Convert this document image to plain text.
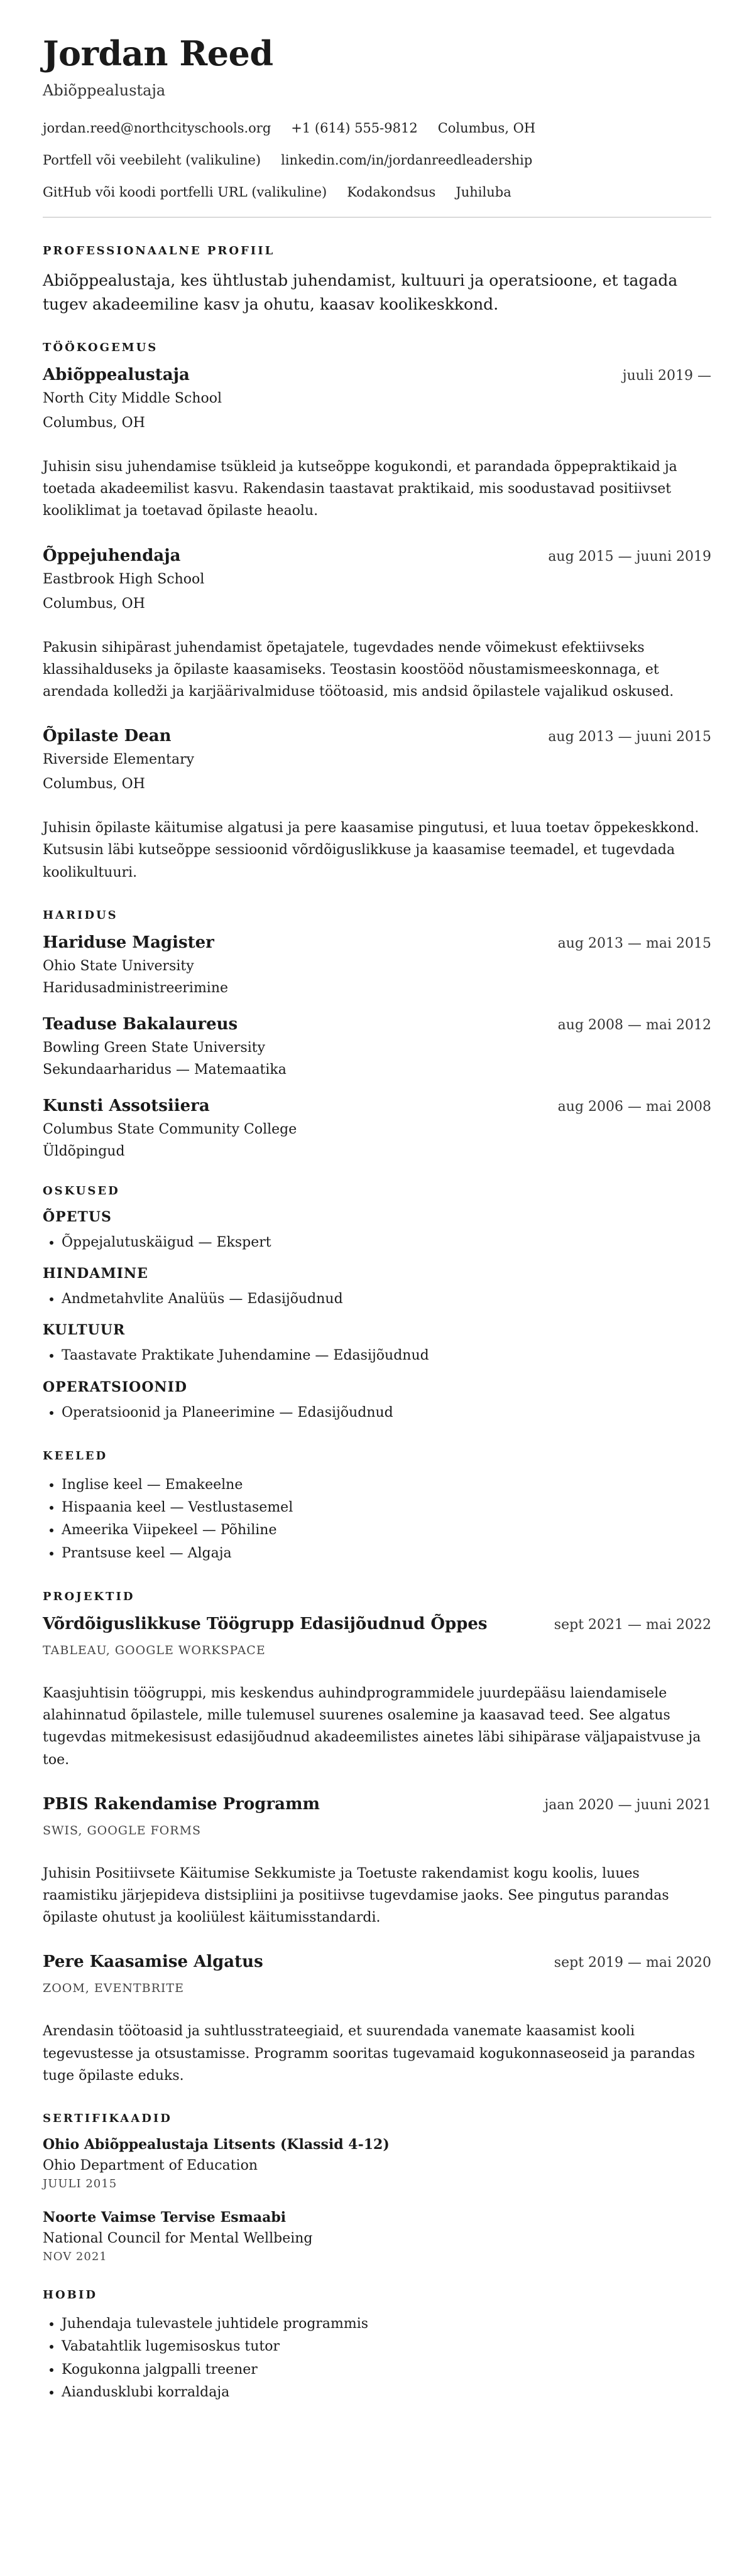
Jordan Reed
Abiõppealustaja
jordan.reed@northcityschools.org +1 (614) 555-9812 Columbus, OH
Portfell või veebileht (valikuline) linkedin.com/in/jordanreedleadership
GitHub või koodi portfelli URL (valikuline) Kodakondsus Juhiluba
PROFESSIONAALNE PROFIIL

Abiõppealustaja, kes ühtlustab juhendamist, kultuuri ja operatsioone, et tagada tugev akadeemiline kasv ja ohutu, kaasav koolikeskkond.

TÖÖKOGEMUS
Abiõppealustaja	juuli 2019 —
North City Middle School
Columbus, OH
Juhisin sisu juhendamise tsükleid ja kutseõppe kogukondi, et parandada õppepraktikaid ja toetada akadeemilist kasvu. Rakendasin taastavat praktikaid, mis soodustavad positiivset kooliklimat ja toetavad õpilaste heaolu.
Õppejuhendaja	aug 2015 — juuni 2019
Eastbrook High School
Columbus, OH
Pakusin sihipärast juhendamist õpetajatele, tugevdades nende võimekust efektiivseks klassihalduseks ja õpilaste kaasamiseks. Teostasin koostööd nõustamismeeskonnaga, et arendada kolledži ja karjäärivalmiduse töötoasid, mis andsid õpilastele vajalikud oskused.
Õpilaste Dean	aug 2013 — juuni 2015
Riverside Elementary
Columbus, OH
Juhisin õpilaste käitumise algatusi ja pere kaasamise pingutusi, et luua toetav õppekeskkond. Kutsusin läbi kutseõppe sessioonid võrdõiguslikkuse ja kaasamise teemadel, et tugevdada koolikultuuri.
HARIDUS
Hariduse Magister	aug 2013 — mai 2015
Ohio State University
Haridusadministreerimine
Teaduse Bakalaureus	aug 2008 — mai 2012
Bowling Green State University
Sekundaarharidus — Matemaatika
Kunsti Assotsiiera	aug 2006 — mai 2008
Columbus State Community College
Üldõpingud
OSKUSED
ÕPETUS
• Õppejalutuskäigud — Ekspert
HINDAMINE
• Andmetahvlite Analüüs — Edasijõudnud
KULTUUR
• Taastavate Praktikate Juhendamine — Edasijõudnud
OPERATSIOONID
• Operatsioonid ja Planeerimine — Edasijõudnud
KEELED
• Inglise keel — Emakeelne
• Hispaania keel — Vestlustasemel
• Ameerika Viipekeel — Põhiline
• Prantsuse keel — Algaja
PROJEKTID
Võrdõiguslikkuse Töögrupp Edasijõudnud Õppes	sept 2021 — mai 2022
TABLEAU, GOOGLE WORKSPACE
Kaasjuhtisin töögruppi, mis keskendus auhindprogrammidele juurdepääsu laiendamisele alahinnatud õpilastele, mille tulemusel suurenes osalemine ja kaasavad teed. See algatus tugevdas mitmekesisust edasijõudnud akadeemilistes ainetes läbi sihipärase väljapaistvuse ja toe.
PBIS Rakendamise Programm	jaan 2020 — juuni 2021
SWIS, GOOGLE FORMS
Juhisin Positiivsete Käitumise Sekkumiste ja Toetuste rakendamist kogu koolis, luues raamistiku järjepideva distsipliini ja positiivse tugevdamise jaoks. See pingutus parandas õpilaste ohutust ja kooliülest käitumisstandardi.
Pere Kaasamise Algatus	sept 2019 — mai 2020
ZOOM, EVENTBRITE
Arendasin töötoasid ja suhtlusstrateegiaid, et suurendada vanemate kaasamist kooli tegevustesse ja otsustamisse. Programm sooritas tugevamaid kogukonnaseoseid ja parandas tuge õpilaste eduks.
SERTIFIKAADID
Ohio Abiõppealustaja Litsents (Klassid 4-12)
Ohio Department of Education
JUULI 2015
Noorte Vaimse Tervise Esmaabi
National Council for Mental Wellbeing
NOV 2021
HOBID
• Juhendaja tulevastele juhtidele programmis
• Vabatahtlik lugemisoskus tutor
• Kogukonna jalgpalli treener
• Aiandusklubi korraldaja
